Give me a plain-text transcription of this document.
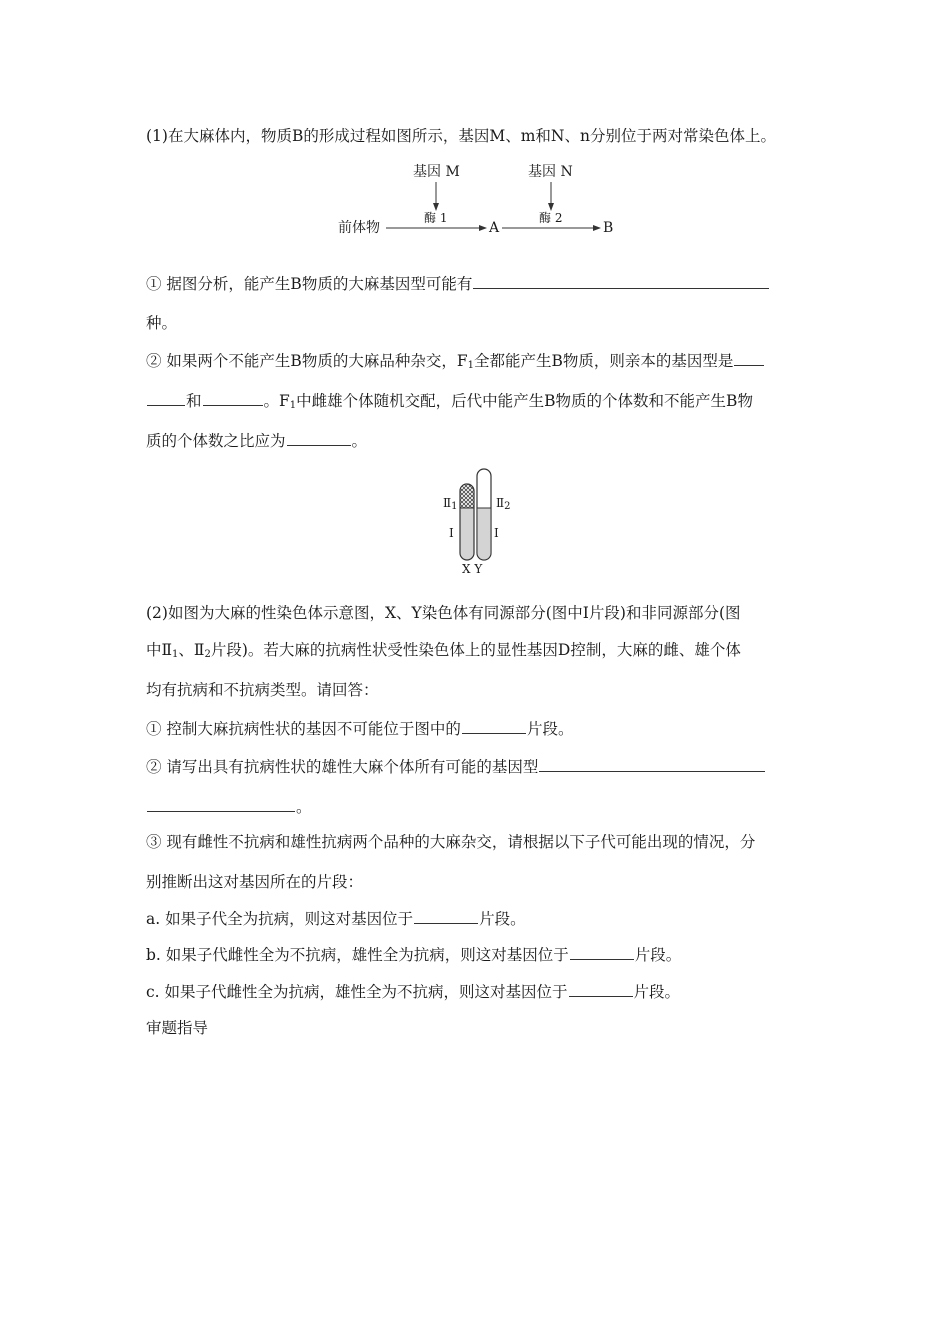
(1)在大麻体内，物质B的形成过程如图所示，基因M、m和N、n分别位于两对常染色体上。
基因 M	基因 N
酶 1	酶 2
前体物	A	B
① 据图分析，能产生B物质的大麻基因型可能有
种。
② 如果两个不能产生B物质的大麻品种杂交，$F_1$全都能产生B物质，则亲本的基因型是
和	。$F_1$中雌雄个体随机交配，后代中能产生B物质的个体数和不能产生B物
质的个体数之比应为	。
$Ⅱ_1$	$Ⅱ_2$
Ⅰ	Ⅰ
X Y
(2)如图为大麻的性染色体示意图，X、Y染色体有同源部分(图中Ⅰ片段)和非同源部分(图
中$Ⅱ_1$、$Ⅱ_2$片段)。若大麻的抗病性状受性染色体上的显性基因D控制，大麻的雌、雄个体
均有抗病和不抗病类型。请回答：
① 控制大麻抗病性状的基因不可能位于图中的	片段。
② 请写出具有抗病性状的雄性大麻个体所有可能的基因型
。
③ 现有雌性不抗病和雄性抗病两个品种的大麻杂交，请根据以下子代可能出现的情况，分
别推断出这对基因所在的片段：
a. 如果子代全为抗病，则这对基因位于	片段。
b. 如果子代雌性全为不抗病，雄性全为抗病，则这对基因位于	片段。
c. 如果子代雌性全为抗病，雄性全为不抗病，则这对基因位于	片段。
审题指导
